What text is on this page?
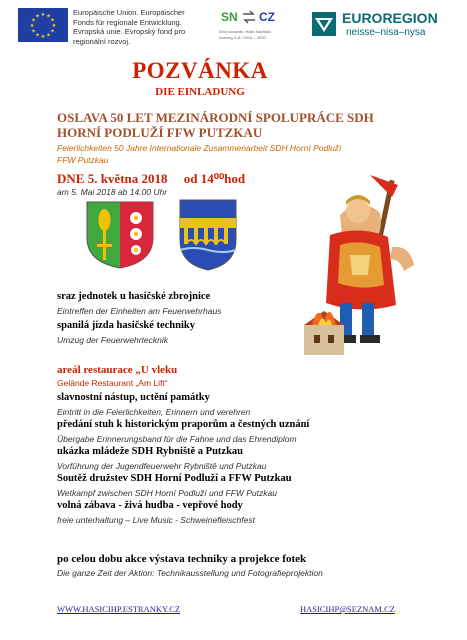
★ ★
★
★
★
★
★
★
★
★
★
★	Europäische Union. Europäischer
Fonds für regionale Entwicklung.
Evropská unie. Evropský fond pro
regionální rozvoj.
SN CZ
Ahoj sousede. Hallo Nachbar.
Interreg V-A / 2014 – 2020
EUROREGION
neisse–nisa–nysa
POZVÁNKA
DIE EINLADUNG
OSLAVA 50 LET MEZINÁRODNÍ SPOLUPRÁCE SDH
HORNÍ PODLUŽÍ FFW PUTZKAU
Feierlichkeiten 50 Jahre Internationale Zusammenarbeit SDH Horní Podluží
FFW Putzkau
DNE 5. května 2018     od 14⁰⁰hod
am 5. Mai 2018 ab 14.00 Uhr
sraz jednotek u hasičské zbrojnice
Eintreffen der Einheiten am Feuerwehrhaus
spanilá jízda hasičské techniky
Umzug der Feuerwehrtecknik
areál restaurace „U vleku
Gelände Restaurant „Am Lift“
slavnostní nástup, uctění památky
Eintritt in die Feierlichkeiten, Erinnern und verehren
předání stuh k historickým praporům a čestných uznání
Übergabe Erinnerungsband für die Fahne und das Ehrendiplom
ukázka mládeže SDH Rybniště a Putzkau
Vorführung der Jugendfeuerwehr Rybniště und Putzkau
Soutěž družstev SDH Horní Podluží a FFW Putzkau
Wetkampf zwischen SDH Horní Podluží und FFW Putzkau
volná zábava - živá hudba - vepřové hody
freie unterhaltung – Live Music - Schweinefleischfest
po celou dobu akce výstava techniky a projekce fotek
Die ganze Zeit der Aktion: Technikausstellung und Fotografieprojektion
WWW.HASICIHP.ESTRANKY.CZ	HASICIHP@SEZNAM.CZ
